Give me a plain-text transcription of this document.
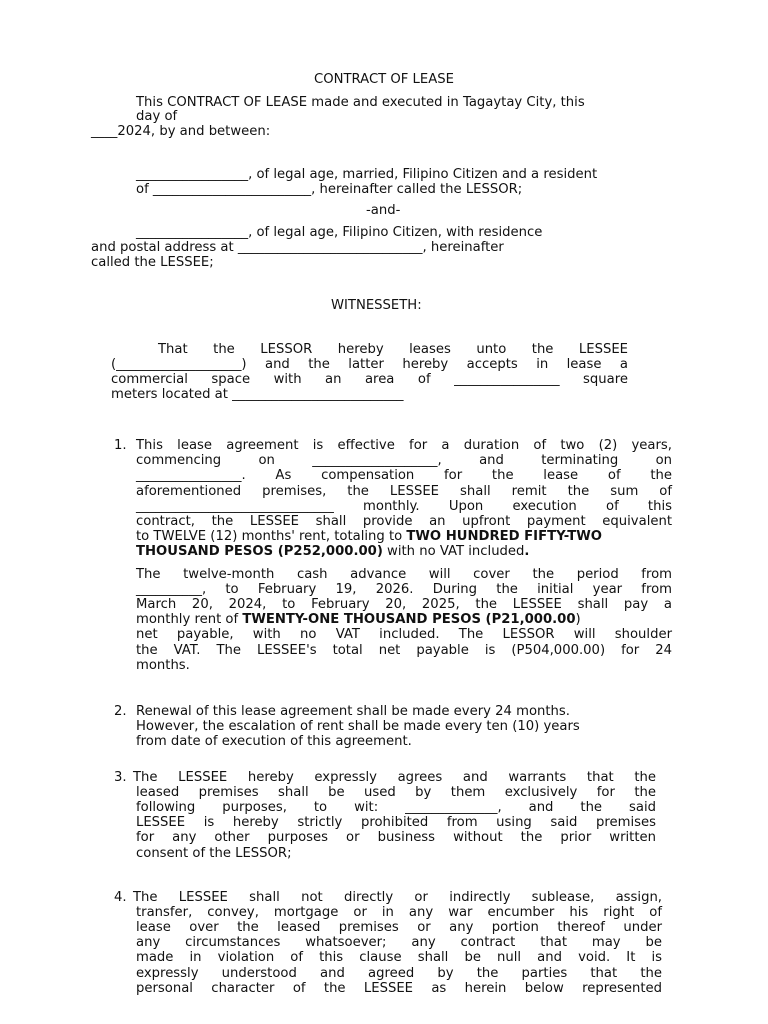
CONTRACT OF LEASE
This CONTRACT OF LEASE made and executed in Tagaytay City, this
day of
____2024, by and between:
_________________, of legal age, married, Filipino Citizen and a resident
of ________________________, hereinafter called the LESSOR;
-and-
_________________, of legal age, Filipino Citizen, with residence
and postal address at ____________________________, hereinafter
called the LESSEE;
WITNESSETH:
That the LESSOR hereby leases unto the LESSEE
(___________________) and the latter hereby accepts in lease a
commercial space with an area of ________________ square
meters located at __________________________
1. This lease agreement is effective for a duration of two (2) years,
commencing on ___________________, and terminating on
________________. As compensation for the lease of the
aforementioned premises, the LESSEE shall remit the sum of
______________________________ monthly. Upon execution of this
contract, the LESSEE shall provide an upfront payment equivalent
to TWELVE (12) months' rent, totaling to TWO HUNDRED FIFTY-TWO
THOUSAND PESOS (P252,000.00) with no VAT included.
The twelve-month cash advance will cover the period from
__________, to February 19, 2026. During the initial year from
March 20, 2024, to February 20, 2025, the LESSEE shall pay a
monthly rent of TWENTY-ONE THOUSAND PESOS (P21,000.00)
net payable, with no VAT included. The LESSOR will shoulder
the VAT. The LESSEE's total net payable is (P504,000.00) for 24
months.
2. Renewal of this lease agreement shall be made every 24 months.
However, the escalation of rent shall be made every ten (10) years
from date of execution of this agreement.
3. The LESSEE hereby expressly agrees and warrants that the
leased premises shall be used by them exclusively for the
following purposes, to wit: ______________, and the said
LESSEE is hereby strictly prohibited from using said premises
for any other purposes or business without the prior written
consent of the LESSOR;
4. The LESSEE shall not directly or indirectly sublease, assign,
transfer, convey, mortgage or in any war encumber his right of
lease over the leased premises or any portion thereof under
any circumstances whatsoever; any contract that may be
made in violation of this clause shall be null and void. It is
expressly understood and agreed by the parties that the
personal character of the LESSEE as herein below represented
